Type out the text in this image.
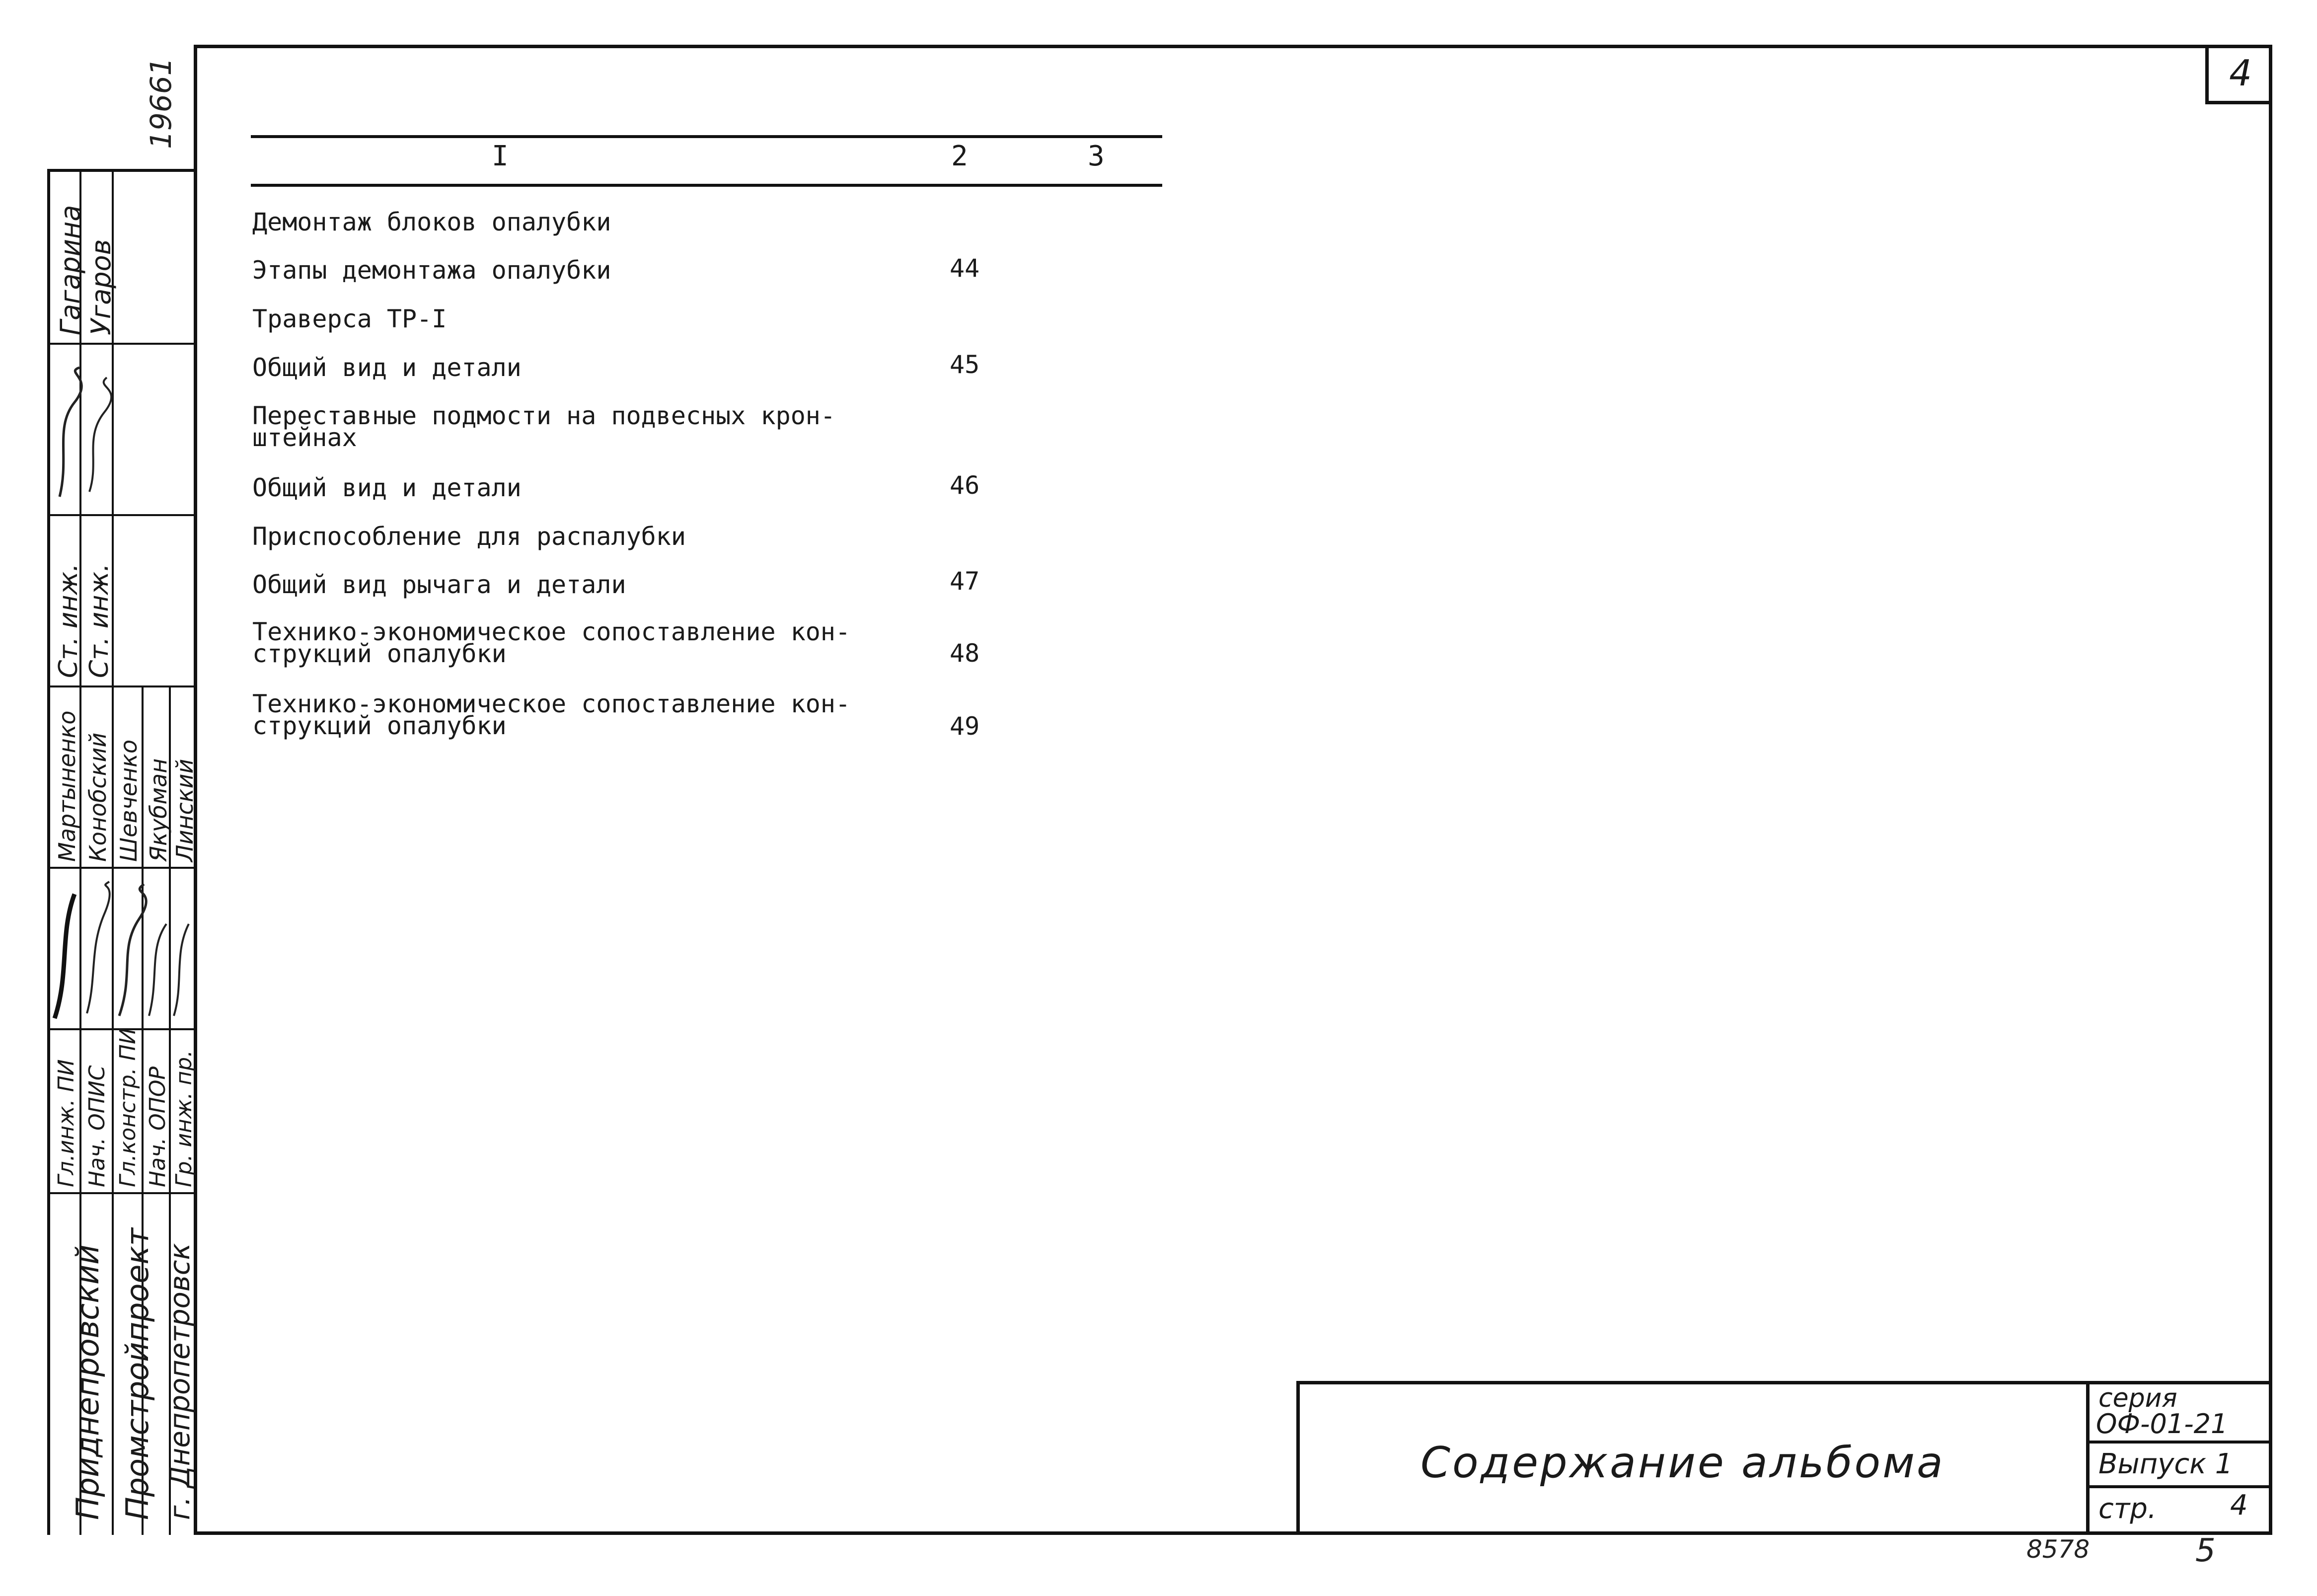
4
19661
I	2	3
Демонтаж блоков опалубки
Этапы демонтажа опалубки	44
Траверса ТР-I
Общий вид и детали	45
Переставные подмости на подвесных крон-
штейнах
Общий вид и детали	46
Приспособление для распалубки
Общий вид рычага и детали	47
Технико-экономическое сопоставление кон-
струкций опалубки	48
Технико-экономическое сопоставление кон-
струкций опалубки	49
Гагарина Угаров
Ст. инж. Ст. инж.
Мартыненко Конобский Шевченко Якубман Линский
Гл.инж. ПИ Нач. ОПИС Гл.констр. ПИ Нач. ОПОР Гр. инж. пр.
Приднепровский Промстройпроект г. Днепропетровск	Содержание альбома
серия
ОФ-01-21
Выпуск 1
стр.	4
8578	5
